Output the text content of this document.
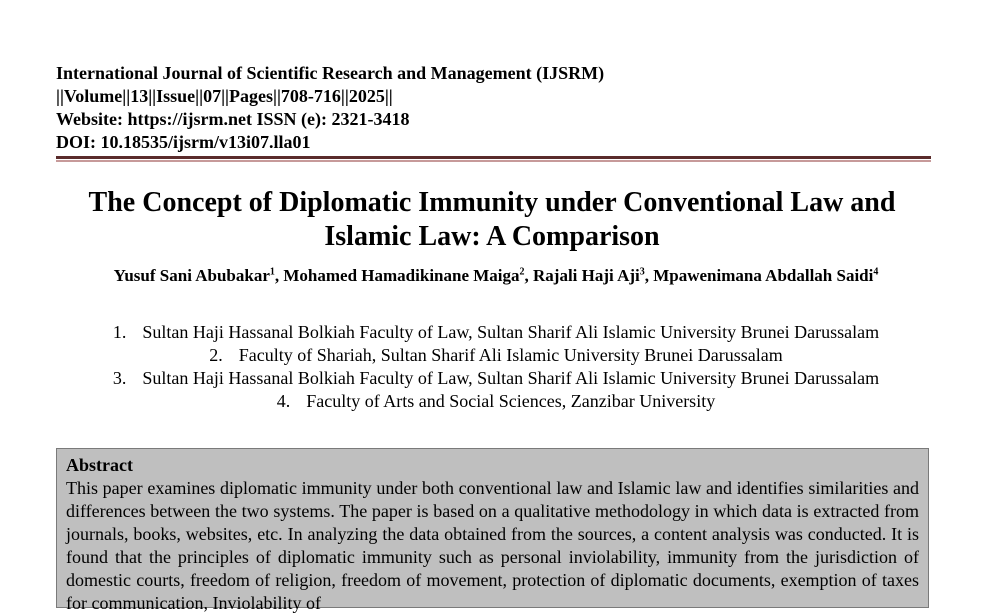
International Journal of Scientific Research and Management (IJSRM)
||Volume||13||Issue||07||Pages||708-716||2025||
Website: https://ijsrm.net ISSN (e): 2321-3418
DOI: 10.18535/ijsrm/v13i07.lla01
The Concept of Diplomatic Immunity under Conventional Law and
Islamic Law: A Comparison
Yusuf Sani Abubakar$^1$, Mohamed Hamadikinane Maiga$^2$, Rajali Haji Aji$^3$, Mpawenimana Abdallah Saidi$^4$
1. Sultan Haji Hassanal Bolkiah Faculty of Law, Sultan Sharif Ali Islamic University Brunei Darussalam
2. Faculty of Shariah, Sultan Sharif Ali Islamic University Brunei Darussalam
3. Sultan Haji Hassanal Bolkiah Faculty of Law, Sultan Sharif Ali Islamic University Brunei Darussalam
4. Faculty of Arts and Social Sciences, Zanzibar University
Abstract
This paper examines diplomatic immunity under both conventional law and Islamic law and identifies similarities and differences between the two systems. The paper is based on a qualitative methodology in which data is extracted from journals, books, websites, etc. In analyzing the data obtained from the sources, a content analysis was conducted. It is found that the principles of diplomatic immunity such as personal inviolability, immunity from the jurisdiction of domestic courts, freedom of religion, freedom of movement, protection of diplomatic documents, exemption of taxes for communication, Inviolability of
